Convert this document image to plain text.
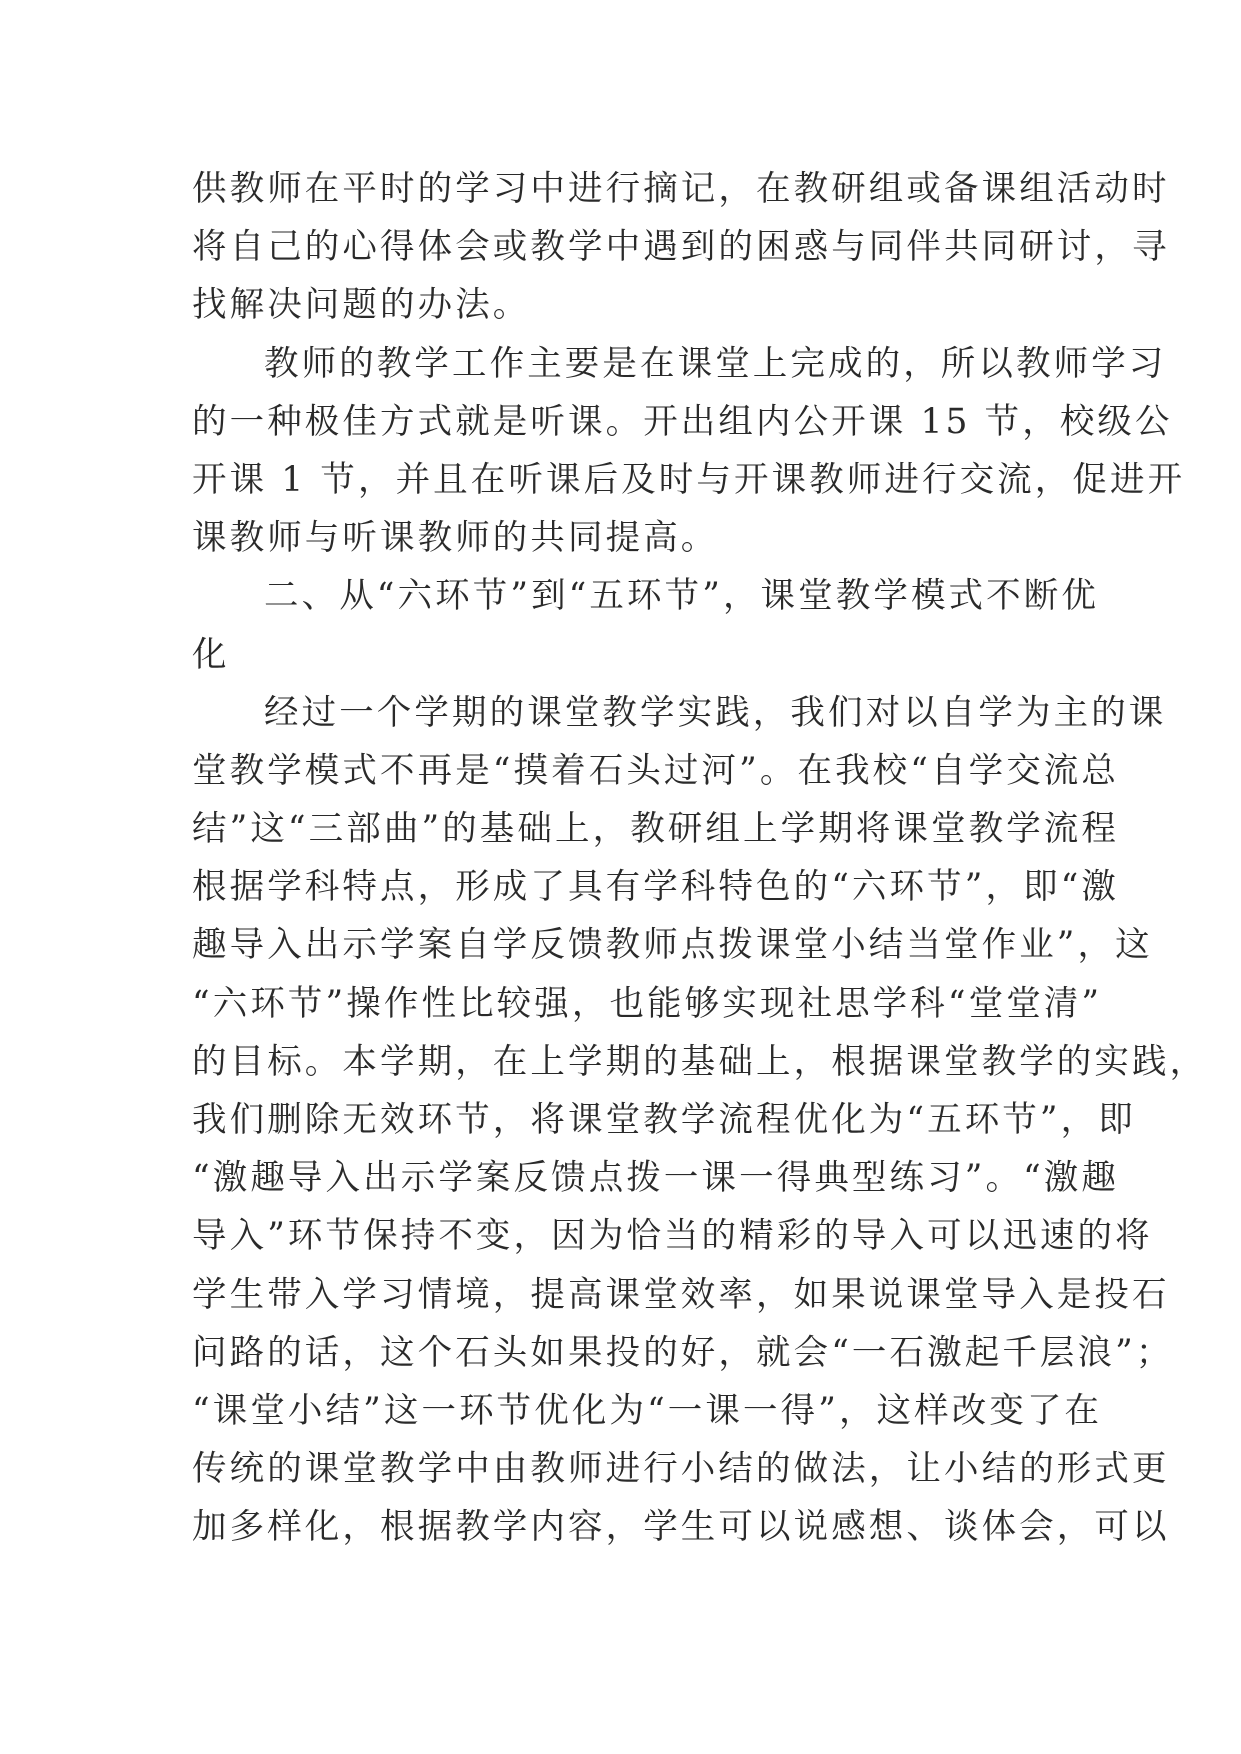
供教师在平时的学习中进行摘记，在教研组或备课组活动时
将自己的心得体会或教学中遇到的困惑与同伴共同研讨，寻
找解决问题的办法。
教师的教学工作主要是在课堂上完成的，所以教师学习
的一种极佳方式就是听课。开出组内公开课 15 节，校级公
开课 1 节，并且在听课后及时与开课教师进行交流，促进开
课教师与听课教师的共同提高。
二、从“六环节”到“五环节”，课堂教学模式不断优
化
经过一个学期的课堂教学实践，我们对以自学为主的课
堂教学模式不再是“摸着石头过河”。在我校“自学交流总
结”这“三部曲”的基础上，教研组上学期将课堂教学流程
根据学科特点，形成了具有学科特色的“六环节”，即“激
趣导入出示学案自学反馈教师点拨课堂小结当堂作业”，这
“六环节”操作性比较强，也能够实现社思学科“堂堂清”
的目标。本学期，在上学期的基础上，根据课堂教学的实践，
我们删除无效环节，将课堂教学流程优化为“五环节”，即
“激趣导入出示学案反馈点拨一课一得典型练习”。“激趣
导入”环节保持不变，因为恰当的精彩的导入可以迅速的将
学生带入学习情境，提高课堂效率，如果说课堂导入是投石
问路的话，这个石头如果投的好，就会“一石激起千层浪”；
“课堂小结”这一环节优化为“一课一得”，这样改变了在
传统的课堂教学中由教师进行小结的做法，让小结的形式更
加多样化，根据教学内容，学生可以说感想、谈体会，可以
